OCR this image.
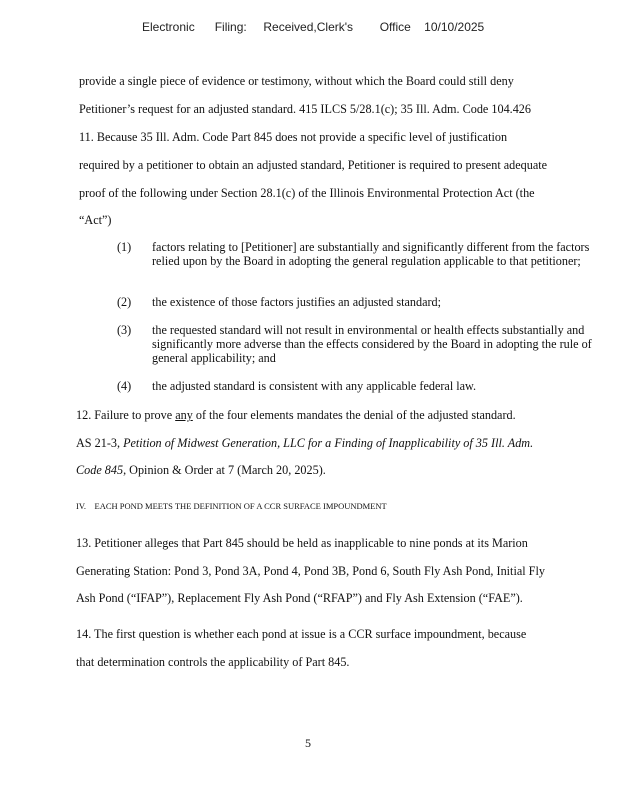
Electronic      Filing:     Received,Clerk's        Office    10/10/2025
provide a single piece of evidence or testimony, without which the Board could still deny
Petitioner’s request for an adjusted standard. 415 ILCS 5/28.1(c); 35 Ill. Adm. Code 104.426
11. Because 35 Ill. Adm. Code Part 845 does not provide a specific level of justification
required by a petitioner to obtain an adjusted standard, Petitioner is required to present adequate
proof of the following under Section 28.1(c) of the Illinois Environmental Protection Act (the
“Act”)
(1) factors relating to [Petitioner] are substantially and significantly different from the factors relied upon by the Board in adopting the general regulation applicable to that petitioner;
(2) the existence of those factors justifies an adjusted standard;
(3) the requested standard will not result in environmental or health effects substantially and significantly more adverse than the effects considered by the Board in adopting the rule of general applicability; and
(4) the adjusted standard is consistent with any applicable federal law.
12. Failure to prove any of the four elements mandates the denial of the adjusted standard.
AS 21-3, Petition of Midwest Generation, LLC for a Finding of Inapplicability of 35 Ill. Adm.
Code 845, Opinion & Order at 7 (March 20, 2025).
IV.    EACH POND MEETS THE DEFINITION OF A CCR SURFACE IMPOUNDMENT
13. Petitioner alleges that Part 845 should be held as inapplicable to nine ponds at its Marion
Generating Station: Pond 3, Pond 3A, Pond 4, Pond 3B, Pond 6, South Fly Ash Pond, Initial Fly
Ash Pond (“IFAP”), Replacement Fly Ash Pond (“RFAP”) and Fly Ash Extension (“FAE”).
14. The first question is whether each pond at issue is a CCR surface impoundment, because
that determination controls the applicability of Part 845.
5
